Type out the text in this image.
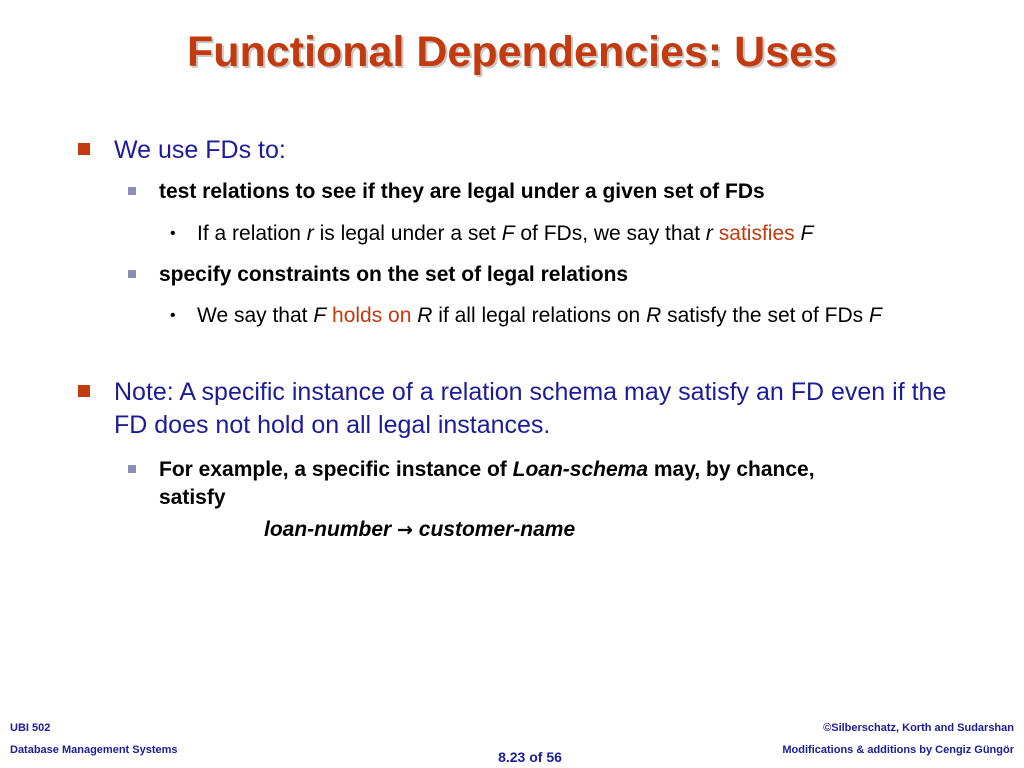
Functional Dependencies: Uses
We use FDs to:
test relations to see if they are legal under a given set of FDs
• If a relation r is legal under a set F of FDs, we say that r satisfies F
specify constraints on the set of legal relations
• We say that F holds on R if all legal relations on R satisfy the set of FDs F
Note: A specific instance of a relation schema may satisfy an FD even if the FD does not hold on all legal instances.
For example, a specific instance of Loan-schema may, by chance, satisfy
loan-number → customer-name
UBI 502
Database Management Systems	8.23 of 56
©Silberschatz, Korth and Sudarshan
Modifications & additions by Cengiz Güngör
